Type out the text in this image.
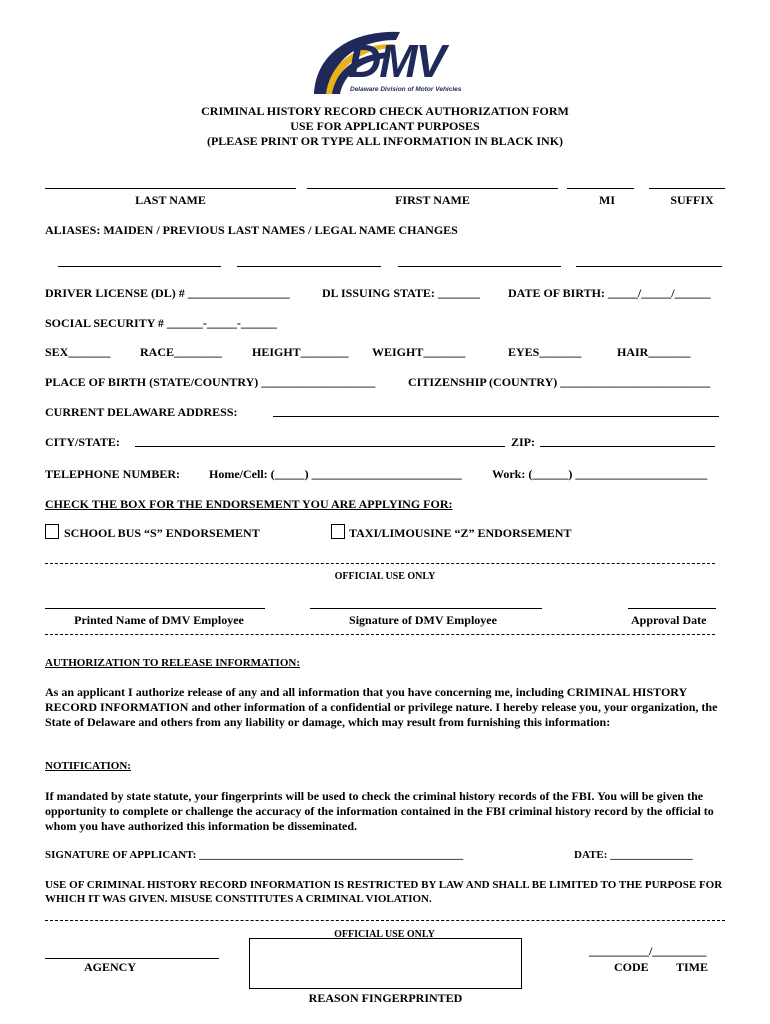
DMV
Delaware Division of Motor Vehicles
CRIMINAL HISTORY RECORD CHECK AUTHORIZATION FORM
USE FOR APPLICANT PURPOSES
(PLEASE PRINT OR TYPE ALL INFORMATION IN BLACK INK)
LAST NAME	FIRST NAME	MI	SUFFIX
ALIASES: MAIDEN / PREVIOUS LAST NAMES / LEGAL NAME CHANGES
DRIVER LICENSE (DL) # _________________	DL ISSUING STATE: _______ DATE OF BIRTH: _____/_____/______
SOCIAL SECURITY # ______-_____-______
SEX_______ RACE________ HEIGHT________ WEIGHT_______	EYES_______	HAIR_______
PLACE OF BIRTH (STATE/COUNTRY) ___________________	CITIZENSHIP (COUNTRY) _________________________
CURRENT DELAWARE ADDRESS:
CITY/STATE:	ZIP:
TELEPHONE NUMBER: Home/Cell: (_____) _________________________	Work: (______) ______________________
CHECK THE BOX FOR THE ENDORSEMENT YOU ARE APPLYING FOR:
SCHOOL BUS “S” ENDORSEMENT	TAXI/LIMOUSINE “Z” ENDORSEMENT
OFFICIAL USE ONLY
Printed Name of DMV Employee	Signature of DMV Employee	Approval Date
AUTHORIZATION TO RELEASE INFORMATION:
As an applicant I authorize release of any and all information that you have concerning me, including CRIMINAL HISTORY RECORD INFORMATION and other information of a confidential or privilege nature. I hereby release you, your organization, the State of Delaware and others from any liability or damage, which may result from furnishing this information:
NOTIFICATION:
If mandated by state statute, your fingerprints will be used to check the criminal history records of the FBI. You will be given the opportunity to complete or challenge the accuracy of the information contained in the FBI criminal history record by the official to whom you have authorized this information be disseminated.
SIGNATURE OF APPLICANT: ________________________________________________	DATE: _______________
USE OF CRIMINAL HISTORY RECORD INFORMATION IS RESTRICTED BY LAW AND SHALL BE LIMITED TO THE PURPOSE FOR WHICH IT WAS GIVEN. MISUSE CONSTITUTES A CRIMINAL VIOLATION.
OFFICIAL USE ONLY
AGENCY
__________/_________
CODE TIME
REASON FINGERPRINTED
